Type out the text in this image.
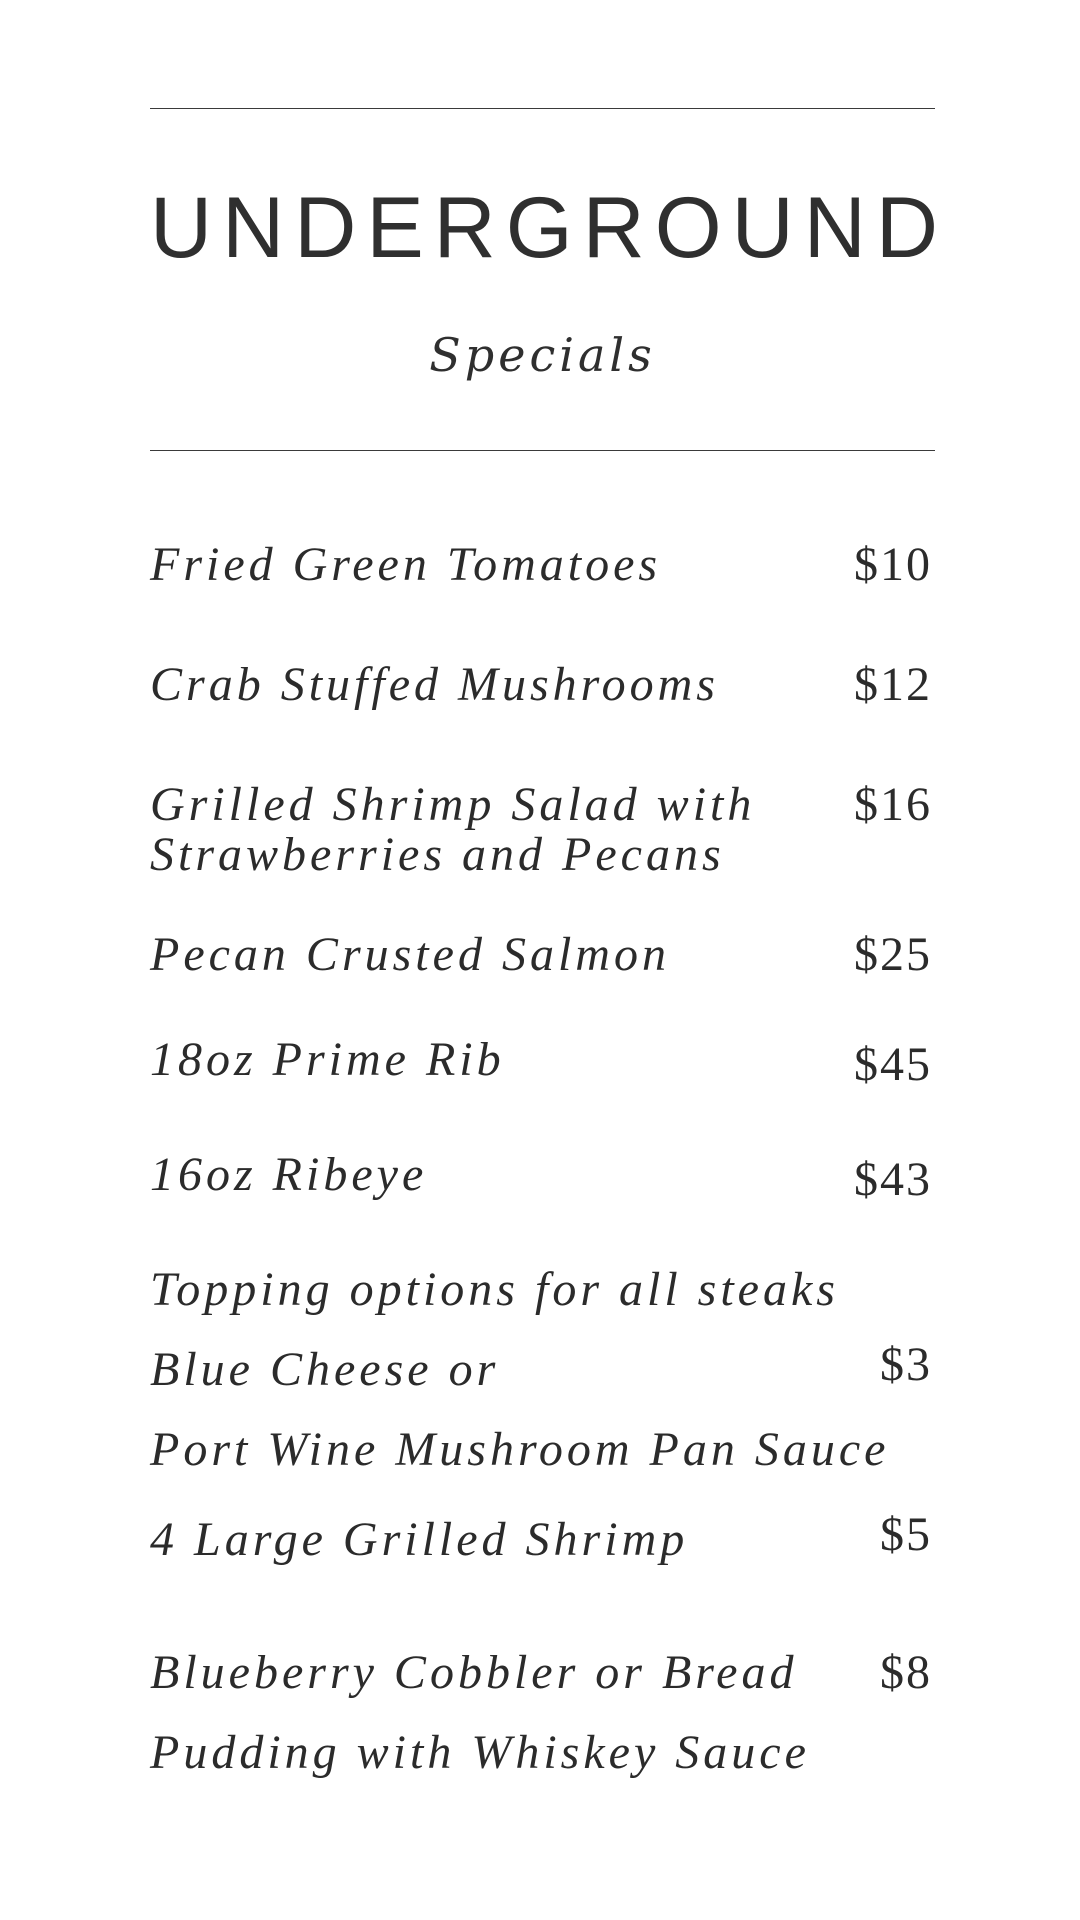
UNDERGROUND
Specials
Fried Green Tomatoes	$10
Crab Stuffed Mushrooms	$12
Grilled Shrimp Salad with
Strawberries and Pecans
$16
Pecan Crusted Salmon	$25
18oz Prime Rib	$45
16oz Ribeye	$43
Topping options for all steaks
Blue Cheese or	$3
Port Wine Mushroom Pan Sauce
4 Large Grilled Shrimp	$5
Blueberry Cobbler or Bread
Pudding with Whiskey Sauce
$8
